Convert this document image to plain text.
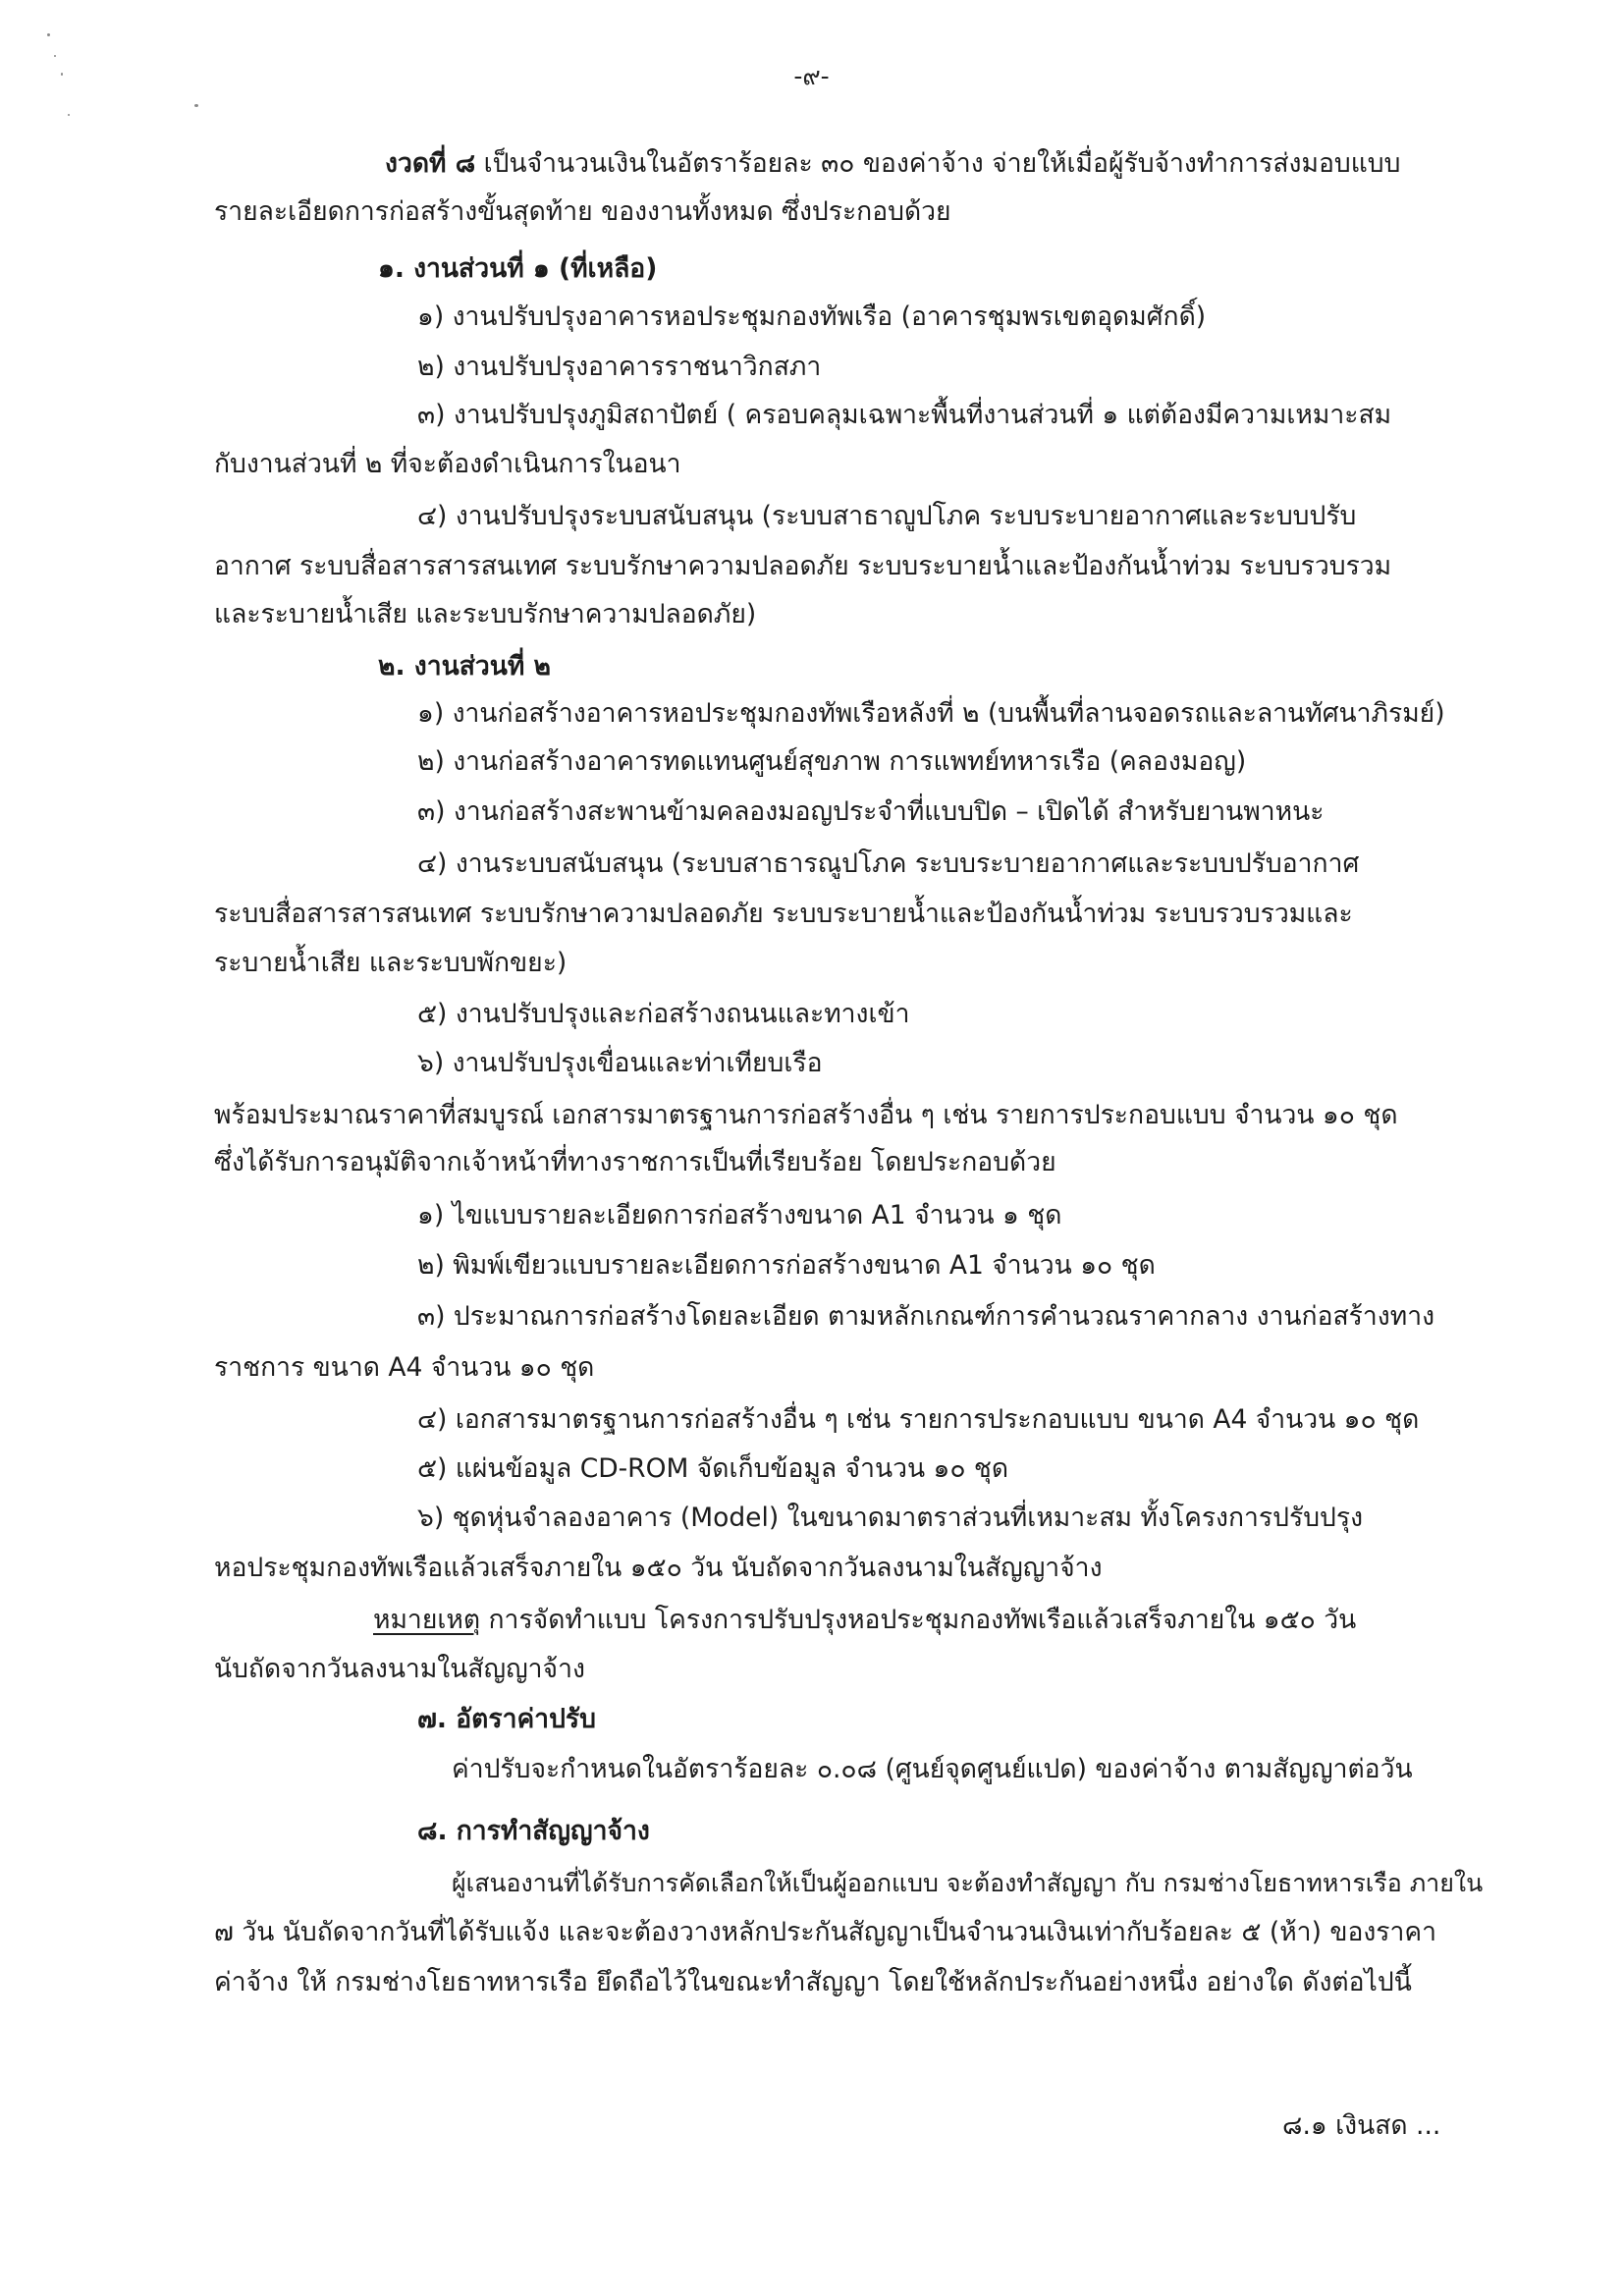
-๙-
งวดที่ ๘ เป็นจำนวนเงินในอัตราร้อยละ ๓๐ ของค่าจ้าง จ่ายให้เมื่อผู้รับจ้างทำการส่งมอบแบบ
รายละเอียดการก่อสร้างขั้นสุดท้าย ของงานทั้งหมด ซึ่งประกอบด้วย
๑. งานส่วนที่ ๑ (ที่เหลือ)
๑) งานปรับปรุงอาคารหอประชุมกองทัพเรือ (อาคารชุมพรเขตอุดมศักดิ์)
๒) งานปรับปรุงอาคารราชนาวิกสภา
๓) งานปรับปรุงภูมิสถาปัตย์ ( ครอบคลุมเฉพาะพื้นที่งานส่วนที่ ๑ แต่ต้องมีความเหมาะสม
กับงานส่วนที่ ๒ ที่จะต้องดำเนินการในอนา
๔) งานปรับปรุงระบบสนับสนุน (ระบบสาธาญูปโภค ระบบระบายอากาศและระบบปรับ
อากาศ ระบบสื่อสารสารสนเทศ ระบบรักษาความปลอดภัย ระบบระบายน้ำและป้องกันน้ำท่วม ระบบรวบรวม
และระบายน้ำเสีย และระบบรักษาความปลอดภัย)
๒. งานส่วนที่ ๒
๑) งานก่อสร้างอาคารหอประชุมกองทัพเรือหลังที่ ๒ (บนพื้นที่ลานจอดรถและลานทัศนาภิรมย์)
๒) งานก่อสร้างอาคารทดแทนศูนย์สุขภาพ การแพทย์ทหารเรือ (คลองมอญ)
๓) งานก่อสร้างสะพานข้ามคลองมอญประจำที่แบบปิด – เปิดได้ สำหรับยานพาหนะ
๔) งานระบบสนับสนุน (ระบบสาธารณูปโภค ระบบระบายอากาศและระบบปรับอากาศ
ระบบสื่อสารสารสนเทศ ระบบรักษาความปลอดภัย ระบบระบายน้ำและป้องกันน้ำท่วม ระบบรวบรวมและ
ระบายน้ำเสีย และระบบพักขยะ)
๕) งานปรับปรุงและก่อสร้างถนนและทางเข้า
๖) งานปรับปรุงเขื่อนและท่าเทียบเรือ
พร้อมประมาณราคาที่สมบูรณ์ เอกสารมาตรฐานการก่อสร้างอื่น ๆ เช่น รายการประกอบแบบ จำนวน ๑๐ ชุด
ซึ่งได้รับการอนุมัติจากเจ้าหน้าที่ทางราชการเป็นที่เรียบร้อย โดยประกอบด้วย
๑) ไขแบบรายละเอียดการก่อสร้างขนาด A1 จำนวน ๑ ชุด
๒) พิมพ์เขียวแบบรายละเอียดการก่อสร้างขนาด A1 จำนวน ๑๐ ชุด
๓) ประมาณการก่อสร้างโดยละเอียด ตามหลักเกณฑ์การคำนวณราคากลาง งานก่อสร้างทาง
ราชการ ขนาด A4 จำนวน ๑๐ ชุด
๔) เอกสารมาตรฐานการก่อสร้างอื่น ๆ เช่น รายการประกอบแบบ ขนาด A4 จำนวน ๑๐ ชุด
๕) แผ่นข้อมูล CD-ROM จัดเก็บข้อมูล จำนวน ๑๐ ชุด
๖) ชุดหุ่นจำลองอาคาร (Model) ในขนาดมาตราส่วนที่เหมาะสม ทั้งโครงการปรับปรุง
หอประชุมกองทัพเรือแล้วเสร็จภายใน ๑๕๐ วัน นับถัดจากวันลงนามในสัญญาจ้าง
หมายเหตุ การจัดทำแบบ โครงการปรับปรุงหอประชุมกองทัพเรือแล้วเสร็จภายใน ๑๕๐ วัน
นับถัดจากวันลงนามในสัญญาจ้าง
๗. อัตราค่าปรับ
ค่าปรับจะกำหนดในอัตราร้อยละ ๐.๐๘ (ศูนย์จุดศูนย์แปด) ของค่าจ้าง ตามสัญญาต่อวัน
๘. การทำสัญญาจ้าง
ผู้เสนองานที่ได้รับการคัดเลือกให้เป็นผู้ออกแบบ จะต้องทำสัญญา กับ กรมช่างโยธาทหารเรือ ภายใน
๗ วัน นับถัดจากวันที่ได้รับแจ้ง และจะต้องวางหลักประกันสัญญาเป็นจำนวนเงินเท่ากับร้อยละ ๕ (ห้า) ของราคา
ค่าจ้าง ให้ กรมช่างโยธาทหารเรือ ยึดถือไว้ในขณะทำสัญญา โดยใช้หลักประกันอย่างหนึ่ง อย่างใด ดังต่อไปนี้
๘.๑ เงินสด ...
